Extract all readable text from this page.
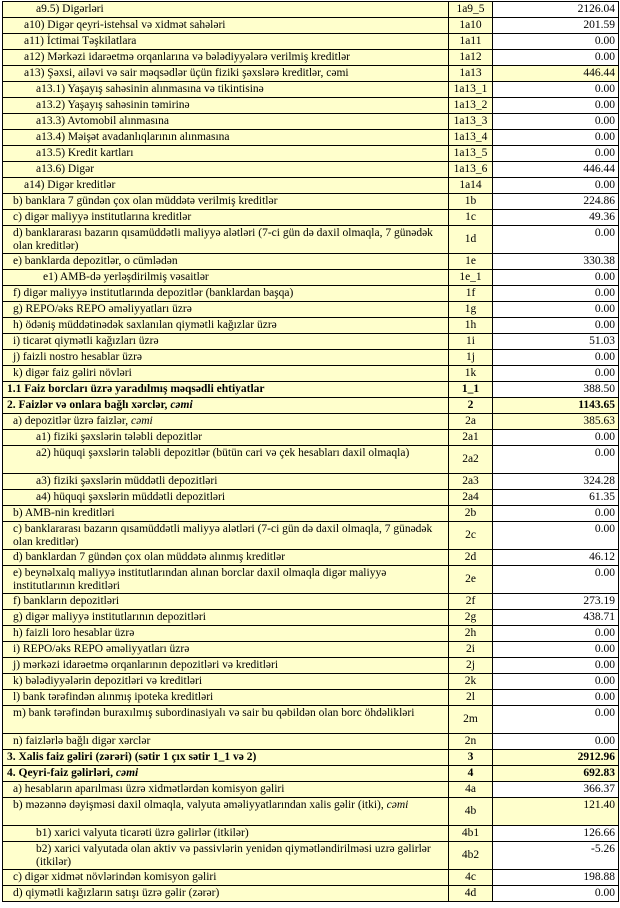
a9.5) Digərləri	1a9_5	2126.04
a10) Digər qeyri-istehsal və xidmət sahələri	1a10	201.59
a11) İctimai Təşkilatlara	1a11	0.00
a12) Mərkəzi idarəetmə orqanlarına və bələdiyyələrə verilmiş kreditlər	1a12	0.00
a13) Şəxsi, ailəvi və sair məqsədlər üçün fiziki şəxslərə kreditlər, cəmi	1a13	446.44
a13.1) Yaşayış sahəsinin alınmasına və tikintisinə	1a13_1	0.00
a13.2) Yaşayış sahəsinin təmirinə	1a13_2	0.00
a13.3) Avtomobil alınmasına	1a13_3	0.00
a13.4) Məişət avadanlıqlarının alınmasına	1a13_4	0.00
a13.5) Kredit kartları	1a13_5	0.00
a13.6) Digər	1a13_6	446.44
a14) Digər kreditlər	1a14	0.00
b) banklara 7 gündən çox olan müddətə verilmiş kreditlər	1b	224.86
c) digər maliyyə institutlarına kreditlər	1c	49.36
d) banklararası bazarın qısamüddətli maliyyə alətləri (7-ci gün də daxil olmaqla, 7 günədək olan kreditlər)	1d	0.00
e) banklarda depozitlər, o cümlədən	1e	330.38
e1) AMB-də yerləşdirilmiş vəsaitlər	1e_1	0.00
f) digər maliyyə institutlarında depozitlər (banklardan başqa)	1f	0.00
g) REPO/əks REPO əməliyyatları üzrə	1g	0.00
h) ödəniş müddətinədək saxlanılan qiymətli kağızlar üzrə	1h	0.00
i) ticarət qiymətli kağızları üzrə	1i	51.03
j) faizli nostro hesablar üzrə	1j	0.00
k) digər faiz gəliri növləri	1k	0.00
1.1 Faiz borcları üzrə yaradılmış məqsədli ehtiyatlar	1_1	388.50
2. Faizlər və onlara bağlı xərclər, cəmi	2	1143.65
a) depozitlər üzrə faizlər, cəmi	2a	385.63
a1) fiziki şəxslərin tələbli depozitlər	2a1	0.00
a2) hüquqi şəxslərin tələbli depozitlər (bütün cari və çek hesabları daxil olmaqla)	2a2	0.00
a3) fiziki şəxslərin müddətli depozitləri	2a3	324.28
a4) hüquqi şəxslərin müddətli depozitləri	2a4	61.35
b) AMB-nin kreditləri	2b	0.00
c) banklararası bazarın qısamüddətli maliyyə alətləri (7-ci gün də daxil olmaqla, 7 günədək olan kreditlər)	2c	0.00
d) banklardan 7 gündən çox olan müddətə alınmış kreditlər	2d	46.12
e) beynəlxalq maliyyə institutlarından alınan borclar daxil olmaqla digər maliyyə institutlarının kreditləri	2e	0.00
f) bankların depozitləri	2f	273.19
g) digər maliyyə institutlarının depozitləri	2g	438.71
h) faizli loro hesablar üzrə	2h	0.00
i) REPO/əks REPO əməliyyatları üzrə	2i	0.00
j) mərkəzi idarəetmə orqanlarının depozitləri və kreditləri	2j	0.00
k) bələdiyyələrin depozitləri və kreditləri	2k	0.00
l) bank tərəfindən alınmış ipoteka kreditləri	2l	0.00
m) bank tərəfindən buraxılmış subordinasiyalı və sair bu qəbildən olan borc öhdəlikləri	2m	0.00
n) faizlərlə bağlı digər xərclər	2n	0.00
3. Xalis faiz gəliri (zərəri) (sətir 1 çıx sətir 1_1 və 2)	3	2912.96
4. Qeyri-faiz gəlirləri, cəmi	4	692.83
a) hesabların aparılması üzrə xidmətlərdən komisyon gəliri	4a	366.37
b) məzənnə dəyişməsi daxil olmaqla, valyuta əməliyyatlarından xalis gəlir (itki), cəmi	4b	121.40
b1) xarici valyuta ticarəti üzrə gəlirlər (itkilər)	4b1	126.66
b2) xarici valyutada olan aktiv və passivlərin yenidən qiymətləndirilməsi uzrə gəlirlər (itkilər)	4b2	-5.26
c) digər xidmət növlərindən komisyon gəliri	4c	198.88
d) qiymətli kağızların satışı üzrə gəlir (zərər)	4d	0.00
